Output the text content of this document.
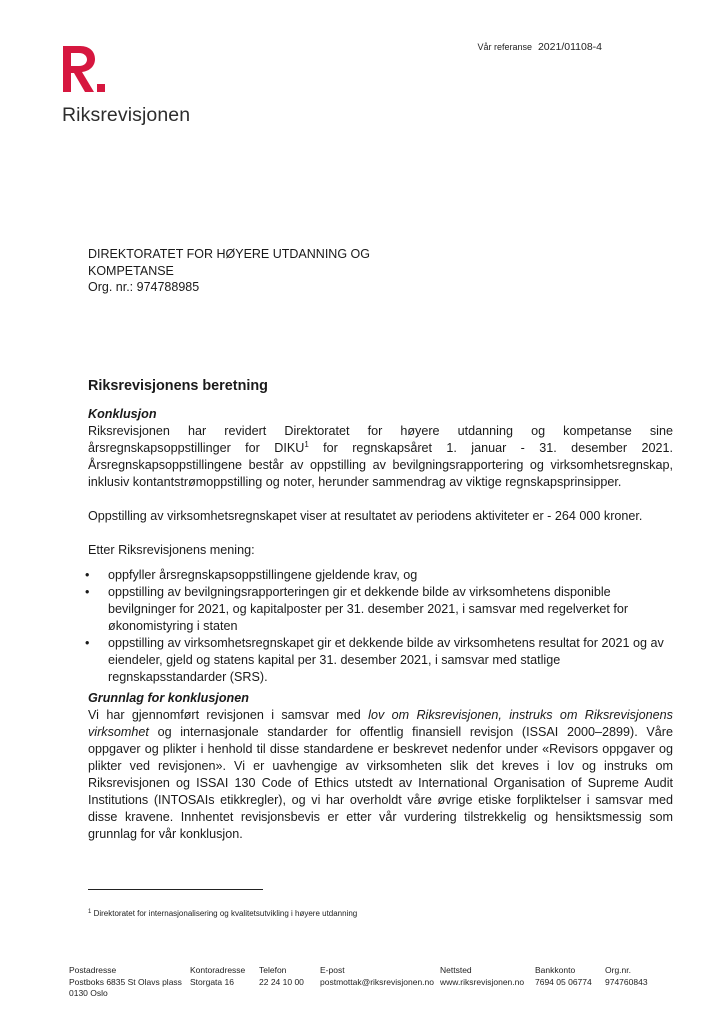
Vår referanse 2021/01108-4
Riksrevisjonen
DIREKTORATET FOR HØYERE UTDANNING OG
KOMPETANSE
Org. nr.: 974788985
Riksrevisjonens beretning
Konklusjon

Riksrevisjonen har revidert Direktoratet for høyere utdanning og kompetanse sine årsregnskapsoppstillinger for DIKU$^1$ for regnskapsåret 1. januar - 31. desember 2021. Årsregnskapsoppstillingene består av oppstilling av bevilgningsrapportering og virksomhetsregnskap, inklusiv kontantstrømoppstilling og noter, herunder sammendrag av viktige regnskapsprinsipper.

Oppstilling av virksomhetsregnskapet viser at resultatet av periodens aktiviteter er - 264 000 kroner.

Etter Riksrevisjonens mening:

• oppfyller årsregnskapsoppstillingene gjeldende krav, og
• oppstilling av bevilgningsrapporteringen gir et dekkende bilde av virksomhetens disponible bevilgninger for 2021, og kapitalposter per 31. desember 2021, i samsvar med regelverket for økonomistyring i staten
• oppstilling av virksomhetsregnskapet gir et dekkende bilde av virksomhetens resultat for 2021 og av eiendeler, gjeld og statens kapital per 31. desember 2021, i samsvar med statlige regnskapsstandarder (SRS).
Grunnlag for konklusjonen

Vi har gjennomført revisjonen i samsvar med lov om Riksrevisjonen, instruks om Riksrevisjonens virksomhet og internasjonale standarder for offentlig finansiell revisjon (ISSAI 2000–2899). Våre oppgaver og plikter i henhold til disse standardene er beskrevet nedenfor under «Revisors oppgaver og plikter ved revisjonen». Vi er uavhengige av virksomheten slik det kreves i lov og instruks om Riksrevisjonen og ISSAI 130 Code of Ethics utstedt av International Organisation of Supreme Audit Institutions (INTOSAIs etikkregler), og vi har overholdt våre øvrige etiske forpliktelser i samsvar med disse kravene. Innhentet revisjonsbevis er etter vår vurdering tilstrekkelig og hensiktsmessig som grunnlag for vår konklusjon.

$^1$ Direktoratet for internasjonalisering og kvalitetsutvikling i høyere utdanning
Postadresse
Postboks 6835 St Olavs plass
0130 Oslo
Kontoradresse
Storgata 16
Telefon
22 24 10 00
E-post
postmottak@riksrevisjonen.no
Nettsted
www.riksrevisjonen.no
Bankkonto
7694 05 06774
Org.nr.
974760843
